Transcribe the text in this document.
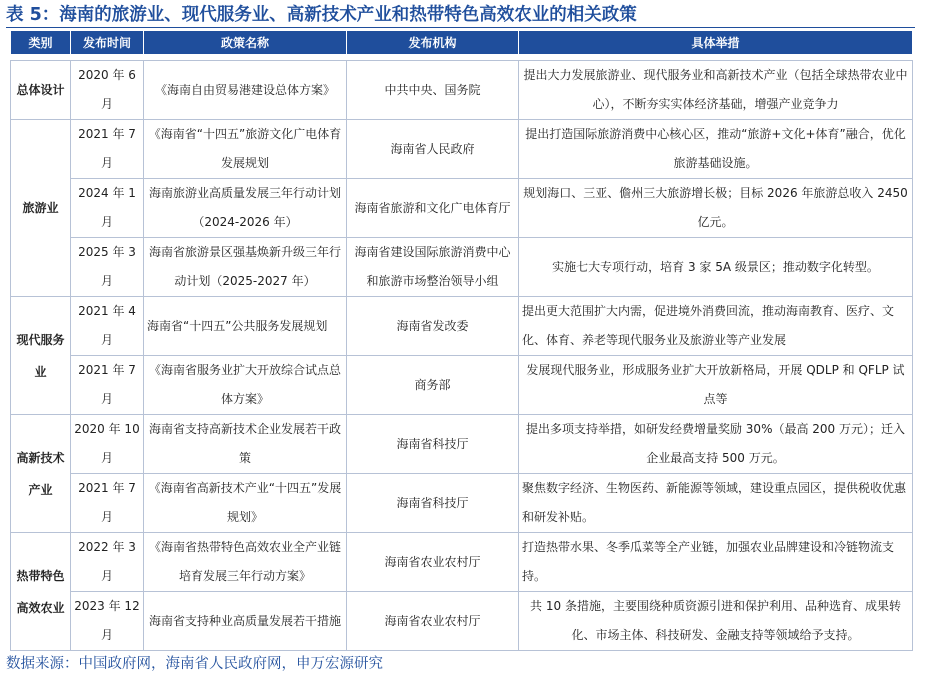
表 5：海南的旅游业、现代服务业、高新技术产业和热带特色高效农业的相关政策
类别	发布时间	政策名称	发布机构	具体举措

总体设计	2020 年 6 月	《海南自由贸易港建设总体方案》	中共中央、国务院	提出大力发展旅游业、现代服务业和高新技术产业（包括全球热带农业中心），不断夯实实体经济基础，增强产业竞争力
旅游业	2021 年 7 月	《海南省“十四五”旅游文化广电体育发展规划	海南省人民政府	提出打造国际旅游消费中心核心区，推动“旅游+文化+体育”融合，优化旅游基础设施。
	2024 年 1 月	海南旅游业高质量发展三年行动计划（2024-2026 年）	海南省旅游和文化广电体育厅	规划海口、三亚、儋州三大旅游增长极；目标 2026 年旅游总收入 2450 亿元。
	2025 年 3 月	海南省旅游景区强基焕新升级三年行动计划（2025-2027 年）	海南省建设国际旅游消费中心和旅游市场整治领导小组	实施七大专项行动，培育 3 家 5A 级景区；推动数字化转型。
现代服务业	2021 年 4 月	海南省“十四五”公共服务发展规划	海南省发改委	提出更大范围扩大内需，促进境外消费回流，推动海南教育、医疗、文化、体育、养老等现代服务业及旅游业等产业发展
	2021 年 7 月	《海南省服务业扩大开放综合试点总体方案》	商务部	发展现代服务业，形成服务业扩大开放新格局，开展 QDLP 和 QFLP 试点等
高新技术产业	2020 年 10 月	海南省支持高新技术企业发展若干政策	海南省科技厅	提出多项支持举措，如研发经费增量奖励 30%（最高 200 万元）；迁入企业最高支持 500 万元。
	2021 年 7 月	《海南省高新技术产业“十四五”发展规划》	海南省科技厅	聚焦数字经济、生物医药、新能源等领域，建设重点园区，提供税收优惠和研发补贴。
热带特色高效农业	2022 年 3 月	《海南省热带特色高效农业全产业链培育发展三年行动方案》	海南省农业农村厅	打造热带水果、冬季瓜菜等全产业链，加强农业品牌建设和冷链物流支持。
	2023 年 12 月	海南省支持种业高质量发展若干措施	海南省农业农村厅	共 10 条措施，主要围绕种质资源引进和保护利用、品种选育、成果转化、市场主体、科技研发、金融支持等领域给予支持。
数据来源：中国政府网，海南省人民政府网，申万宏源研究
